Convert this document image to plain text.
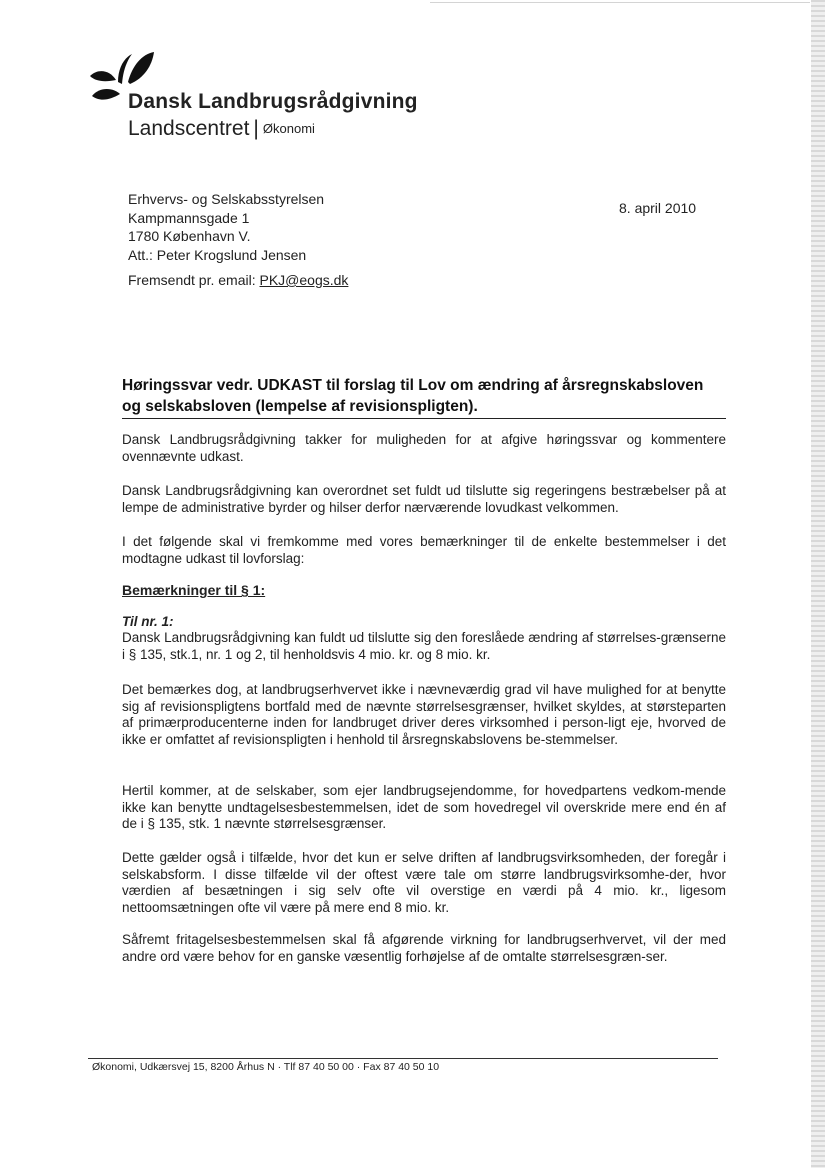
Dansk Landbrugsrådgivning
Landscentret | Økonomi
Erhvervs- og Selskabsstyrelsen
Kampmannsgade 1
1780 København V.
Att.: Peter Krogslund Jensen
Fremsendt pr. email: PKJ@eogs.dk
8. april 2010
Høringssvar vedr. UDKAST til forslag til Lov om ændring af årsregnskabsloven og selskabsloven (lempelse af revisionspligten).
Dansk Landbrugsrådgivning takker for muligheden for at afgive høringssvar og kommentere ovennævnte udkast.
Dansk Landbrugsrådgivning kan overordnet set fuldt ud tilslutte sig regeringens bestræbelser på at lempe de administrative byrder og hilser derfor nærværende lovudkast velkommen.
I det følgende skal vi fremkomme med vores bemærkninger til de enkelte bestemmelser i det modtagne udkast til lovforslag:
Bemærkninger til § 1:
Til nr. 1:
Dansk Landbrugsrådgivning kan fuldt ud tilslutte sig den foreslåede ændring af størrelses-grænserne i § 135, stk.1, nr. 1 og 2, til henholdsvis 4 mio. kr. og 8 mio. kr.
Det bemærkes dog, at landbrugserhvervet ikke i nævneværdig grad vil have mulighed for at benytte sig af revisionspligtens bortfald med de nævnte størrelsesgrænser, hvilket skyldes, at størsteparten af primærproducenterne inden for landbruget driver deres virksomhed i person-ligt eje, hvorved de ikke er omfattet af revisionspligten i henhold til årsregnskabslovens be-stemmelser.
Hertil kommer, at de selskaber, som ejer landbrugsejendomme, for hovedpartens vedkom-mende ikke kan benytte undtagelsesbestemmelsen, idet de som hovedregel vil overskride mere end én af de i § 135, stk. 1 nævnte størrelsesgrænser.
Dette gælder også i tilfælde, hvor det kun er selve driften af landbrugsvirksomheden, der foregår i selskabsform. I disse tilfælde vil der oftest være tale om større landbrugsvirksomhe-der, hvor værdien af besætningen i sig selv ofte vil overstige en værdi på 4 mio. kr., ligesom nettoomsætningen ofte vil være på mere end 8 mio. kr.
Såfremt fritagelsesbestemmelsen skal få afgørende virkning for landbrugserhvervet, vil der med andre ord være behov for en ganske væsentlig forhøjelse af de omtalte størrelsesgræn-ser.
Økonomi, Udkærsvej 15, 8200 Århus N · Tlf 87 40 50 00 · Fax 87 40 50 10
